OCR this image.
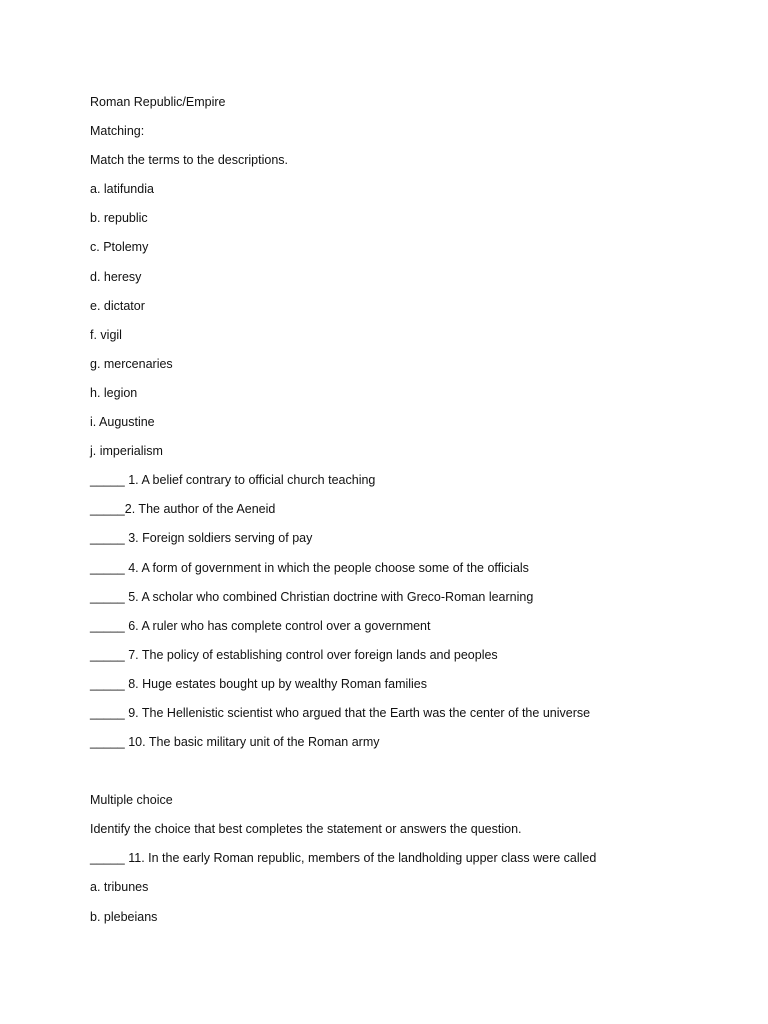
Roman Republic/Empire
Matching:
Match the terms to the descriptions.
a. latifundia
b. republic
c. Ptolemy
d. heresy
e. dictator
f. vigil
g. mercenaries
h. legion
i. Augustine
j. imperialism
_____ 1. A belief contrary to official church teaching
_____2. The author of the Aeneid
_____ 3. Foreign soldiers serving of pay
_____ 4. A form of government in which the people choose some of the officials
_____ 5. A scholar who combined Christian doctrine with Greco-Roman learning
_____ 6. A ruler who has complete control over a government
_____ 7. The policy of establishing control over foreign lands and peoples
_____ 8. Huge estates bought up by wealthy Roman families
_____ 9. The Hellenistic scientist who argued that the Earth was the center of the universe
_____ 10. The basic military unit of the Roman army
Multiple choice
Identify the choice that best completes the statement or answers the question.
_____ 11. In the early Roman republic, members of the landholding upper class were called
a. tribunes
b. plebeians
